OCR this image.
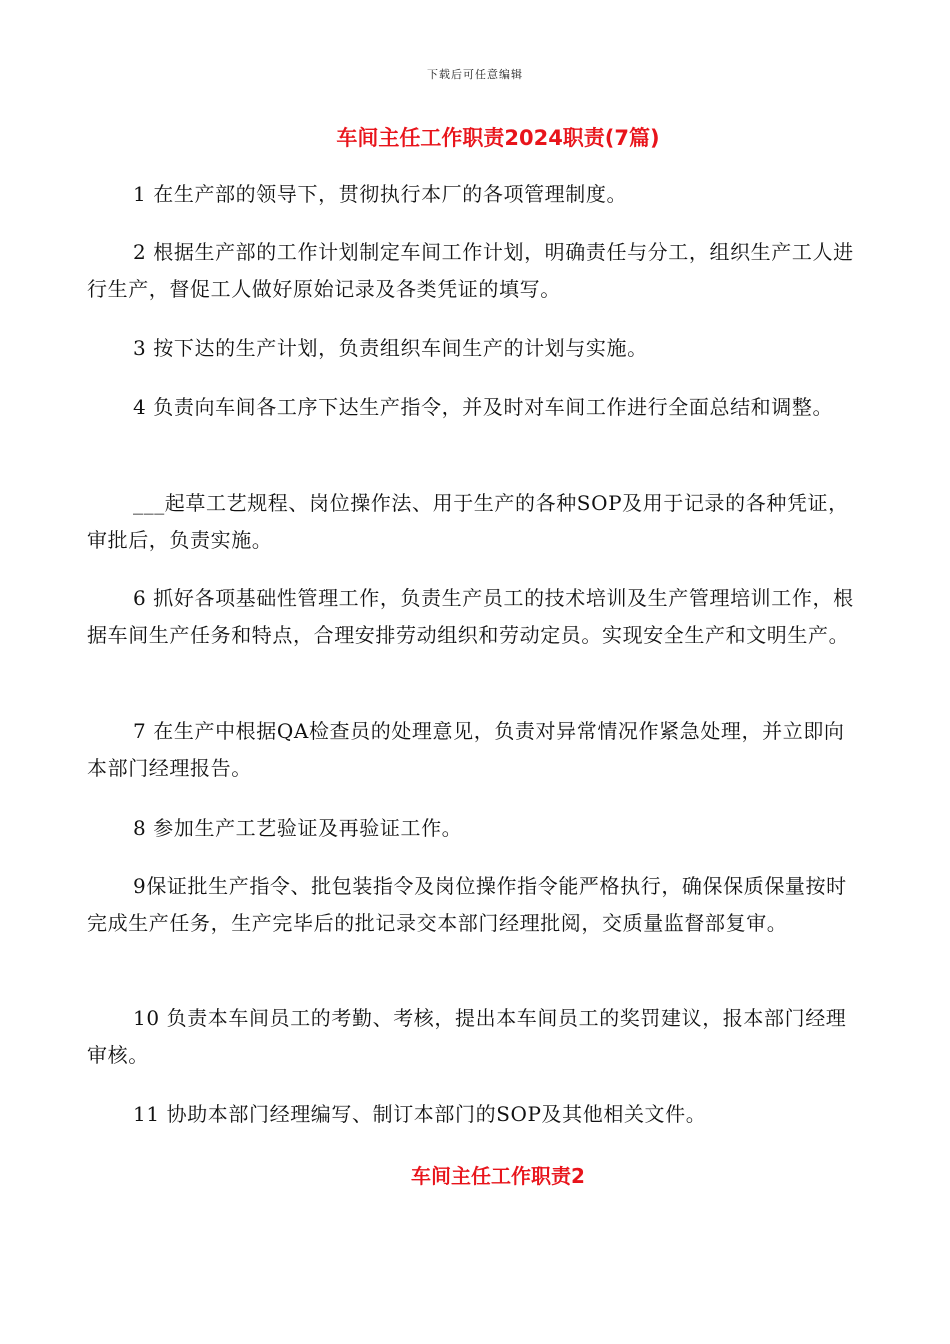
下载后可任意编辑
车间主任工作职责2024职责(7篇)

1 在生产部的领导下，贯彻执行本厂的各项管理制度。

2 根据生产部的工作计划制定车间工作计划，明确责任与分工，组织生产工人进行生产，督促工人做好原始记录及各类凭证的填写。

3 按下达的生产计划，负责组织车间生产的计划与实施。

4 负责向车间各工序下达生产指令，并及时对车间工作进行全面总结和调整。

___起草工艺规程、岗位操作法、用于生产的各种SOP及用于记录的各种凭证，审批后，负责实施。

6 抓好各项基础性管理工作，负责生产员工的技术培训及生产管理培训工作，根据车间生产任务和特点，合理安排劳动组织和劳动定员。实现安全生产和文明生产。

7 在生产中根据QA检查员的处理意见，负责对异常情况作紧急处理，并立即向本部门经理报告。

8 参加生产工艺验证及再验证工作。

9保证批生产指令、批包装指令及岗位操作指令能严格执行，确保保质保量按时完成生产任务，生产完毕后的批记录交本部门经理批阅，交质量监督部复审。

10 负责本车间员工的考勤、考核，提出本车间员工的奖罚建议，报本部门经理审核。

11 协助本部门经理编写、制订本部门的SOP及其他相关文件。

车间主任工作职责2
